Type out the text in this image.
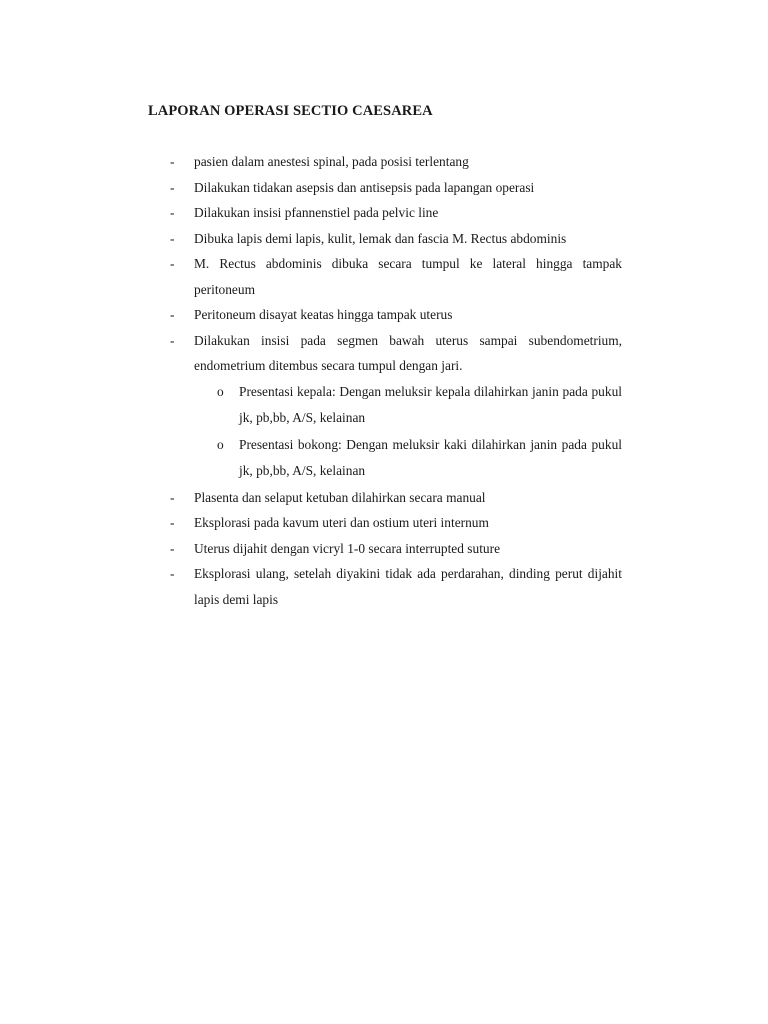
LAPORAN OPERASI SECTIO CAESAREA
- pasien dalam anestesi spinal, pada posisi terlentang
- Dilakukan tidakan asepsis dan antisepsis pada lapangan operasi
- Dilakukan insisi pfannenstiel pada pelvic line
- Dibuka lapis demi lapis, kulit, lemak dan fascia M. Rectus abdominis
- M. Rectus abdominis dibuka secara tumpul ke lateral hingga tampak peritoneum
- Peritoneum disayat keatas hingga tampak uterus
- Dilakukan insisi pada segmen bawah uterus sampai subendometrium, endometrium ditembus secara tumpul dengan jari.
o Presentasi kepala: Dengan meluksir kepala dilahirkan janin pada pukul jk, pb,bb, A/S, kelainan
o Presentasi bokong: Dengan meluksir kaki dilahirkan janin pada pukul jk, pb,bb, A/S, kelainan
- Plasenta dan selaput ketuban dilahirkan secara manual
- Eksplorasi pada kavum uteri dan ostium uteri internum
- Uterus dijahit dengan vicryl 1-0 secara interrupted suture
- Eksplorasi ulang, setelah diyakini tidak ada perdarahan, dinding perut dijahit lapis demi lapis
